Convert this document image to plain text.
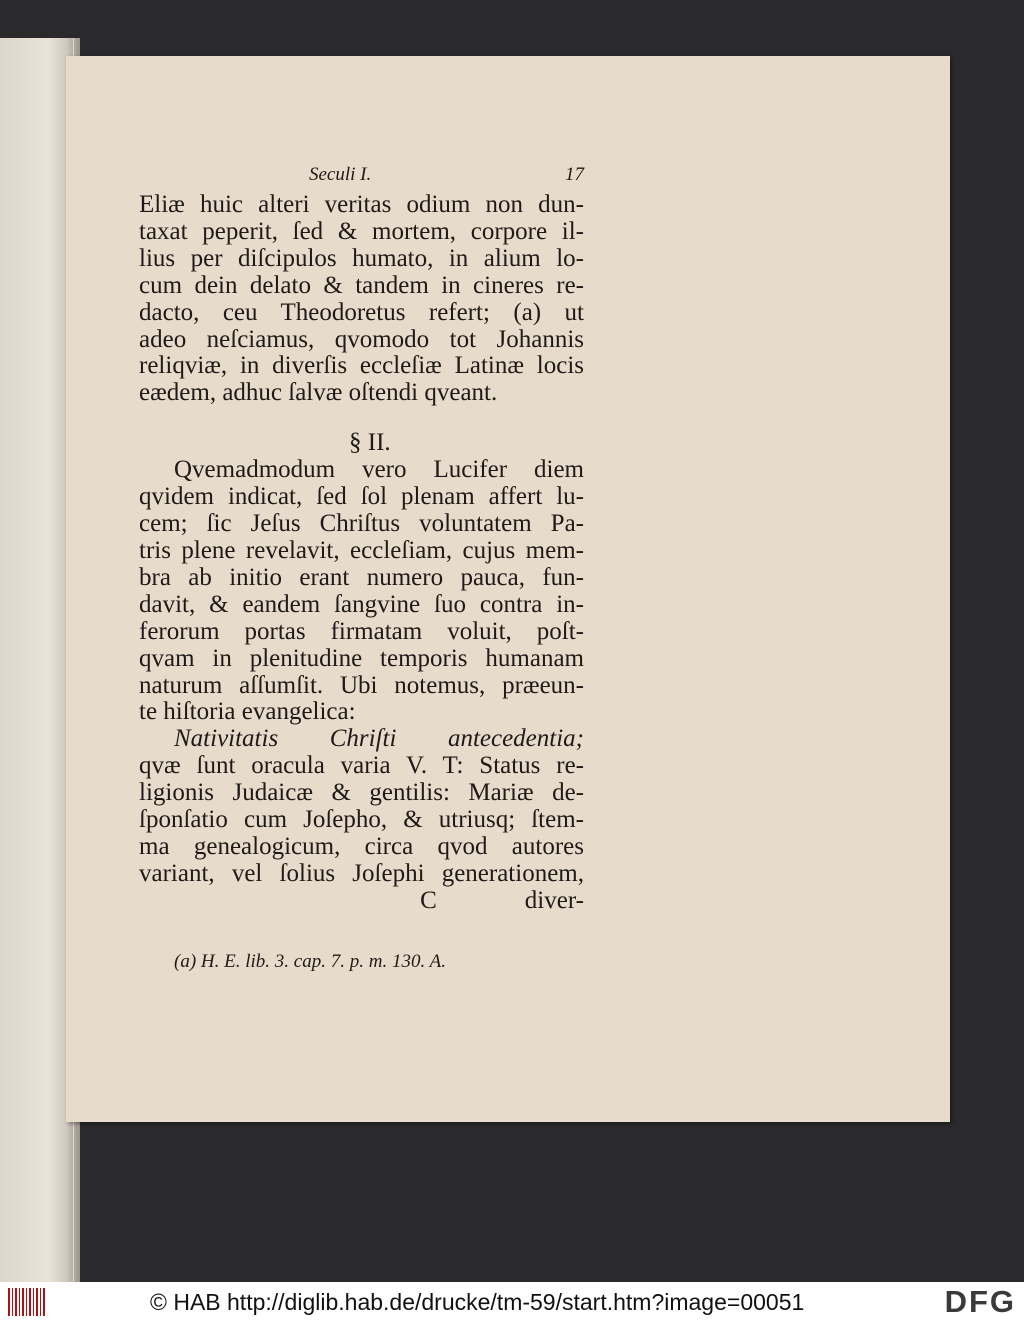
Seculi I.	17
Eliæ huic alteri veritas odium non dun-
taxat peperit, ſed & mortem, corpore il-
lius per diſcipulos humato, in alium lo-
cum dein delato & tandem in cineres re-
dacto, ceu Theodoretus refert; (a) ut
adeo neſciamus, qvomodo tot Johannis
reliqviæ, in diverſis eccleſiæ Latinæ locis
eædem, adhuc ſalvæ oſtendi qveant.
§ II.
Qvemadmodum vero Lucifer diem
qvidem indicat, ſed ſol plenam affert lu-
cem; ſic Jeſus Chriſtus voluntatem Pa-
tris plene revelavit, eccleſiam, cujus mem-
bra ab initio erant numero pauca, fun-
davit, & eandem ſangvine ſuo contra in-
ferorum portas firmatam voluit, poſt-
qvam in plenitudine temporis humanam
naturum aſſumſit. Ubi notemus, præeun-
te hiſtoria evangelica:
Nativitatis Chriſti antecedentia;
qvæ ſunt oracula varia V. T: Status re-
ligionis Judaicæ & gentilis: Mariæ de-
ſponſatio cum Joſepho, & utriusq; ſtem-
ma genealogicum, circa qvod autores
variant, vel ſolius Joſephi generationem,
C	diver-
(a) H. E. lib. 3. cap. 7. p. m. 130. A.
© HAB http://diglib.hab.de/drucke/tm-59/start.htm?image=00051	DFG
